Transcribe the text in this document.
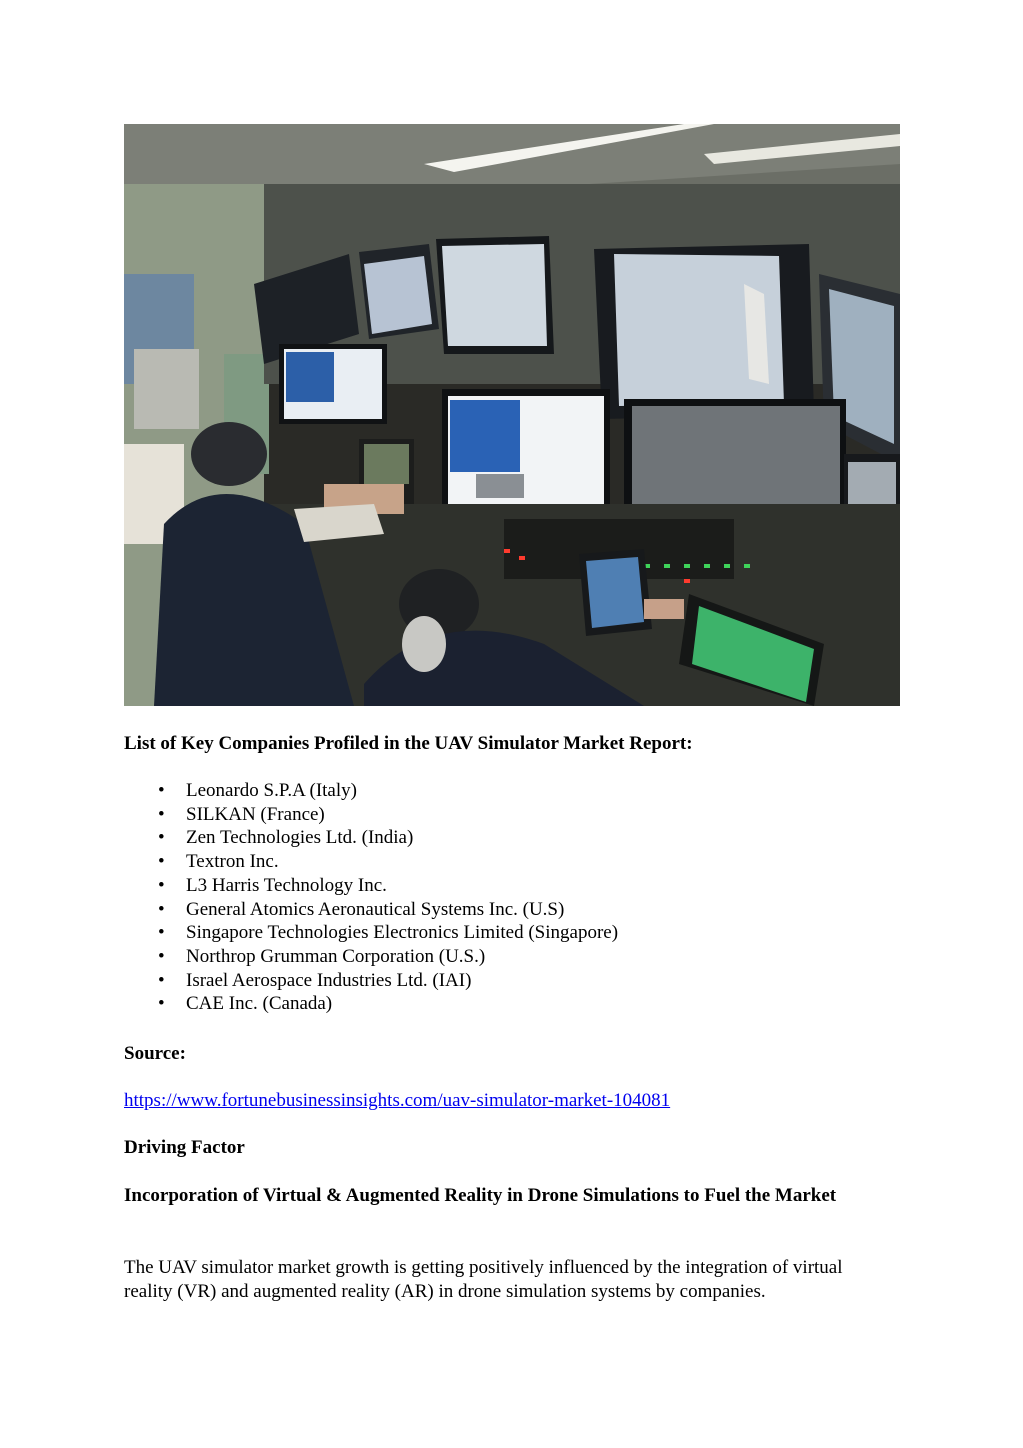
List of Key Companies Profiled in the UAV Simulator Market Report:
• Leonardo S.P.A (Italy)
• SILKAN (France)
• Zen Technologies Ltd. (India)
• Textron Inc.
• L3 Harris Technology Inc.
• General Atomics Aeronautical Systems Inc. (U.S)
• Singapore Technologies Electronics Limited (Singapore)
• Northrop Grumman Corporation (U.S.)
• Israel Aerospace Industries Ltd. (IAI)
• CAE Inc. (Canada)
Source:
https://www.fortunebusinessinsights.com/uav-simulator-market-104081
Driving Factor
Incorporation of Virtual & Augmented Reality in Drone Simulations to Fuel the Market

The UAV simulator market growth is getting positively influenced by the integration of virtual reality (VR) and augmented reality (AR) in drone simulation systems by companies.
